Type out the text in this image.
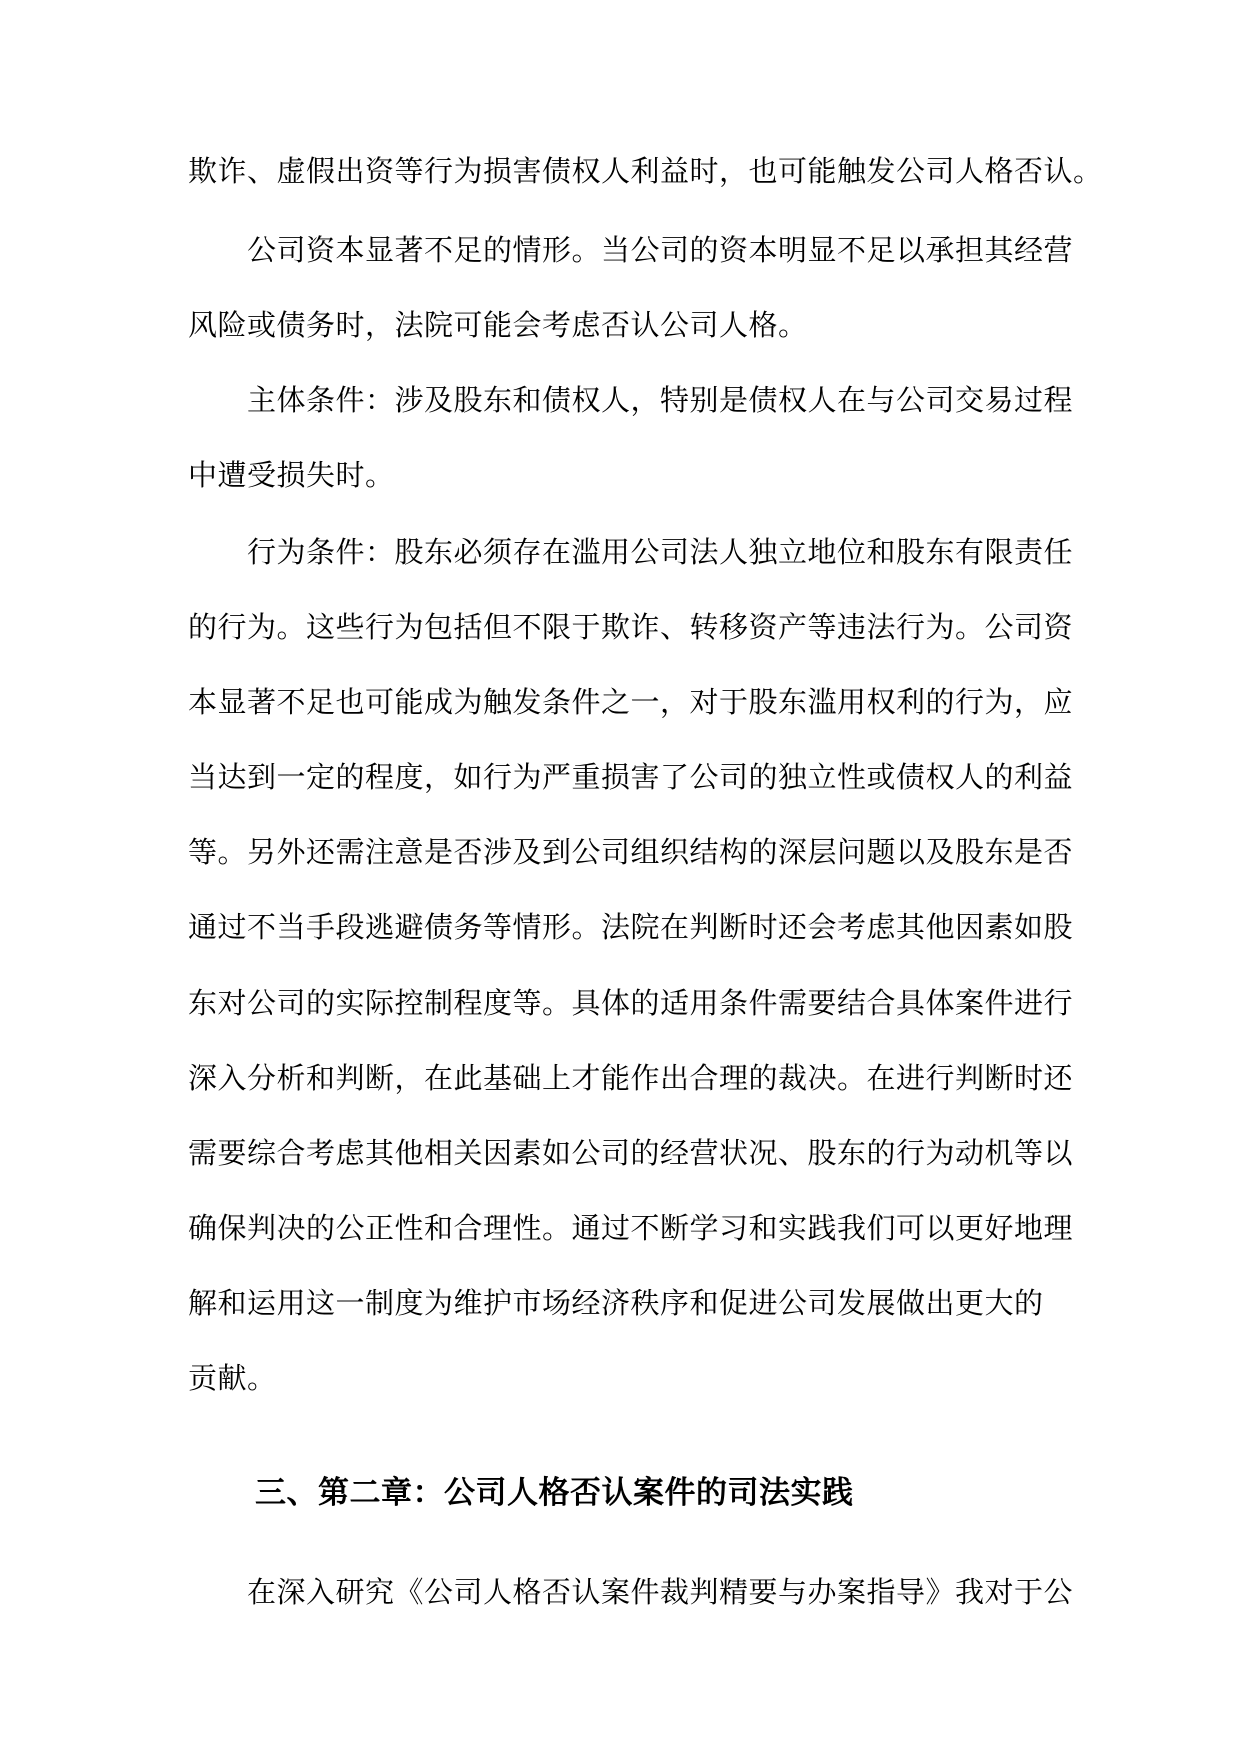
欺诈、虚假出资等行为损害债权人利益时，也可能触发公司人格否认。
公司资本显著不足的情形。当公司的资本明显不足以承担其经营
风险或债务时，法院可能会考虑否认公司人格。
主体条件：涉及股东和债权人，特别是债权人在与公司交易过程
中遭受损失时。
行为条件：股东必须存在滥用公司法人独立地位和股东有限责任
的行为。这些行为包括但不限于欺诈、转移资产等违法行为。公司资
本显著不足也可能成为触发条件之一，对于股东滥用权利的行为，应
当达到一定的程度，如行为严重损害了公司的独立性或债权人的利益
等。另外还需注意是否涉及到公司组织结构的深层问题以及股东是否
通过不当手段逃避债务等情形。法院在判断时还会考虑其他因素如股
东对公司的实际控制程度等。具体的适用条件需要结合具体案件进行
深入分析和判断，在此基础上才能作出合理的裁决。在进行判断时还
需要综合考虑其他相关因素如公司的经营状况、股东的行为动机等以
确保判决的公正性和合理性。通过不断学习和实践我们可以更好地理
解和运用这一制度为维护市场经济秩序和促进公司发展做出更大的
贡献。
三、第二章：公司人格否认案件的司法实践
在深入研究《公司人格否认案件裁判精要与办案指导》我对于公
